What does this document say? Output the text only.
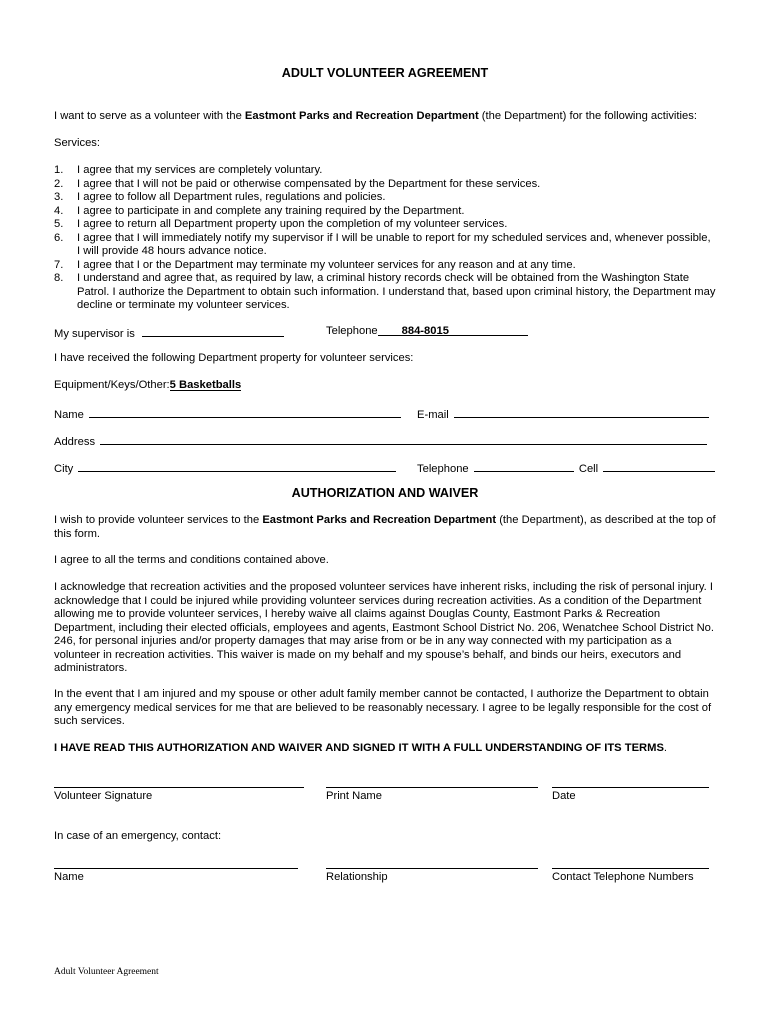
ADULT VOLUNTEER AGREEMENT
I want to serve as a volunteer with the Eastmont Parks and Recreation Department (the Department) for the following activities:
Services:
1. I agree that my services are completely voluntary.
2. I agree that I will not be paid or otherwise compensated by the Department for these services.
3. I agree to follow all Department rules, regulations and policies.
4. I agree to participate in and complete any training required by the Department.
5. I agree to return all Department property upon the completion of my volunteer services.
6. I agree that I will immediately notify my supervisor if I will be unable to report for my scheduled services and, whenever possible, I will provide 48 hours advance notice.
7. I agree that I or the Department may terminate my volunteer services for any reason and at any time.
8. I understand and agree that, as required by law, a criminal history records check will be obtained from the Washington State Patrol. I authorize the Department to obtain such information. I understand that, based upon criminal history, the Department may decline or terminate my volunteer services.
My supervisor is	Telephone 884-8015
I have received the following Department property for volunteer services:
Equipment/Keys/Other:5 Basketballs
Name	E-mail
Address
City	Telephone	Cell
AUTHORIZATION AND WAIVER
I wish to provide volunteer services to the Eastmont Parks and Recreation Department (the Department), as described at the top of this form.
I agree to all the terms and conditions contained above.
I acknowledge that recreation activities and the proposed volunteer services have inherent risks, including the risk of personal injury. I acknowledge that I could be injured while providing volunteer services during recreation activities. As a condition of the Department allowing me to provide volunteer services, I hereby waive all claims against Douglas County, Eastmont Parks & Recreation Department, including their elected officials, employees and agents, Eastmont School District No. 206, Wenatchee School District No. 246, for personal injuries and/or property damages that may arise from or be in any way connected with my participation as a volunteer in recreation activities. This waiver is made on my behalf and my spouse’s behalf, and binds our heirs, executors and administrators.
In the event that I am injured and my spouse or other adult family member cannot be contacted, I authorize the Department to obtain any emergency medical services for me that are believed to be reasonably necessary. I agree to be legally responsible for the cost of such services.
I HAVE READ THIS AUTHORIZATION AND WAIVER AND SIGNED IT WITH A FULL UNDERSTANDING OF ITS TERMS.
Volunteer Signature	Print Name	Date
In case of an emergency, contact:
Name	Relationship	Contact Telephone Numbers
Adult Volunteer Agreement
